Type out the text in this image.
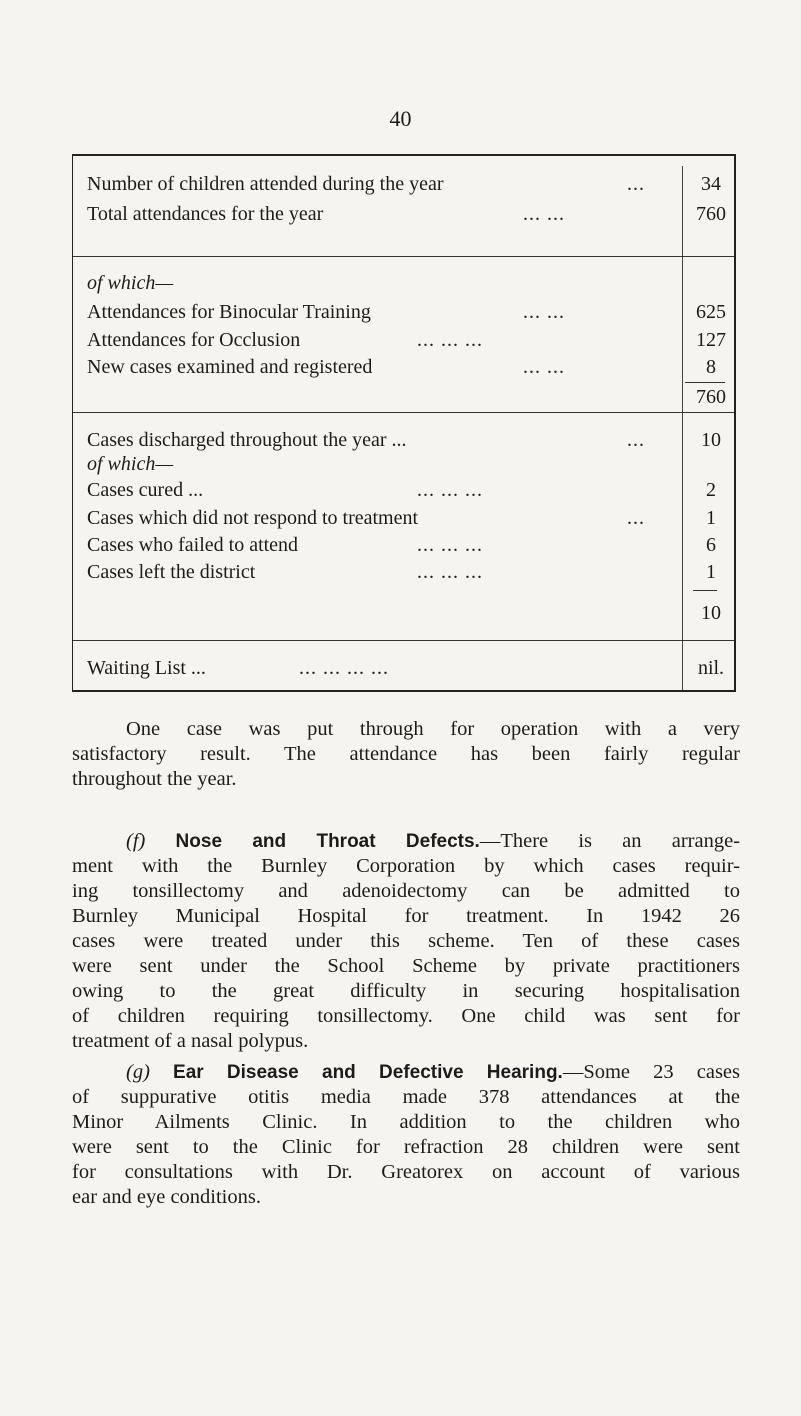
40
Number of children attended during the year	...	34
Total attendances for the year	... ...	760
of which—
Attendances for Binocular Training	... ...	625
Attendances for Occlusion	... ... ...	127
New cases examined and registered	... ...	8
760
Cases discharged throughout the year ...	...	10
of which—
Cases cured ...	... ... ...	2
Cases which did not respond to treatment	...	1
Cases who failed to attend	... ... ...	6
Cases left the district	... ... ...	1
10
Waiting List ...	... ... ... ...	nil.
One case was put through for operation with a very
satisfactory result. The attendance has been fairly regular
throughout the year.
(f) Nose and Throat Defects.—There is an arrange-
ment with the Burnley Corporation by which cases requir-
ing tonsillectomy and adenoidectomy can be admitted to
Burnley Municipal Hospital for treatment. In 1942 26
cases were treated under this scheme. Ten of these cases
were sent under the School Scheme by private practitioners
owing to the great difficulty in securing hospitalisation
of children requiring tonsillectomy. One child was sent for
treatment of a nasal polypus.
(g) Ear Disease and Defective Hearing.—Some 23 cases
of suppurative otitis media made 378 attendances at the
Minor Ailments Clinic. In addition to the children who
were sent to the Clinic for refraction 28 children were sent
for consultations with Dr. Greatorex on account of various
ear and eye conditions.
